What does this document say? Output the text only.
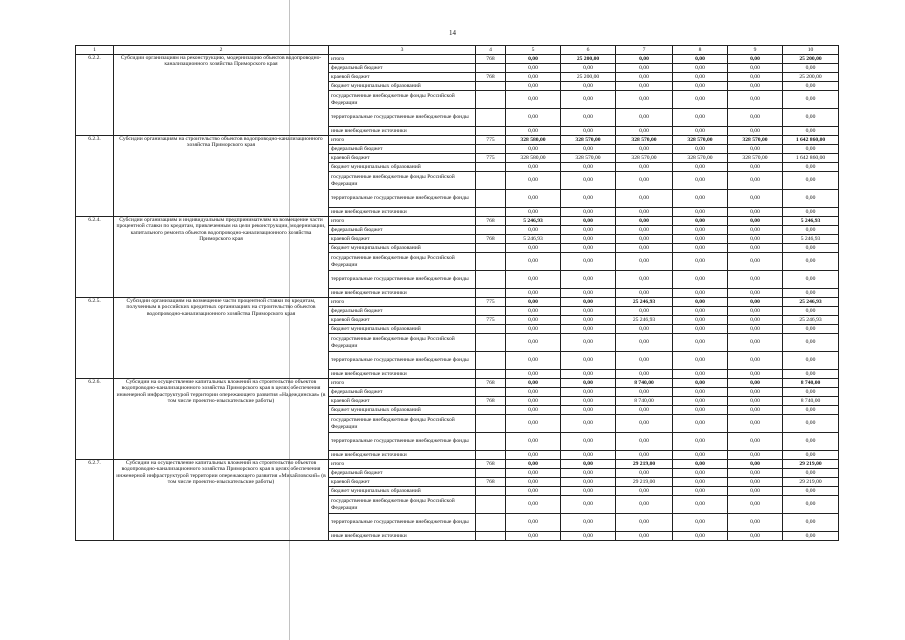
14
1	2	3	4	5	6	7	8	9	10
6.2.2.	Субсидии организациям на реконструкцию, модернизацию объектов водопроводно-канализационного хозяйства Приморского края	итого	768	0,00	25 200,00	0,00	0,00	0,00	25 200,00
		федеральный бюджет		0,00	0,00	0,00	0,00	0,00	0,00
		краевой бюджет	768	0,00	25 200,00	0,00	0,00	0,00	25 200,00
		бюджет муниципальных образований		0,00	0,00	0,00	0,00	0,00	0,00
		государственные внебюджетные фонды Российской Федерации		0,00	0,00	0,00	0,00	0,00	0,00
		территориальные государственные внебюджетные фонды		0,00	0,00	0,00	0,00	0,00	0,00
		иные внебюджетные источники		0,00	0,00	0,00	0,00	0,00	0,00
6.2.3.	Субсидии организациям на строительство объектов водопроводно-канализационного хозяйства Приморского края	итого	775	328 580,00	328 570,00	328 570,00	328 570,00	328 570,00	1 642 860,00
		федеральный бюджет		0,00	0,00	0,00	0,00	0,00	0,00
		краевой бюджет	775	328 580,00	328 570,00	328 570,00	328 570,00	328 570,00	1 642 860,00
		бюджет муниципальных образований		0,00	0,00	0,00	0,00	0,00	0,00
		государственные внебюджетные фонды Российской Федерации		0,00	0,00	0,00	0,00	0,00	0,00
		территориальные государственные внебюджетные фонды		0,00	0,00	0,00	0,00	0,00	0,00
		иные внебюджетные источники		0,00	0,00	0,00	0,00	0,00	0,00
6.2.4.	Субсидии организациям и индивидуальным предпринимателям на возмещение части процентной ставки по кредитам, привлеченным на цели реконструкции, модернизации, капитального ремонта объектов водопроводно-канализационного хозяйства Приморского края	итого	768	5 246,93	0,00	0,00	0,00	0,00	5 246,93
		федеральный бюджет		0,00	0,00	0,00	0,00	0,00	0,00
		краевой бюджет	768	5 246,93	0,00	0,00	0,00	0,00	5 246,93
		бюджет муниципальных образований		0,00	0,00	0,00	0,00	0,00	0,00
		государственные внебюджетные фонды Российской Федерации		0,00	0,00	0,00	0,00	0,00	0,00
		территориальные государственные внебюджетные фонды		0,00	0,00	0,00	0,00	0,00	0,00
		иные внебюджетные источники		0,00	0,00	0,00	0,00	0,00	0,00
6.2.5.	Субсидии организациям на возмещение части процентной ставки по кредитам, полученным в российских кредитных организациях на строительство объектов водопроводно-канализационного хозяйства Приморского края	итого	775	0,00	0,00	25 246,93	0,00	0,00	25 246,93
		федеральный бюджет		0,00	0,00	0,00	0,00	0,00	0,00
		краевой бюджет	775	0,00	0,00	25 246,93	0,00	0,00	25 246,93
		бюджет муниципальных образований		0,00	0,00	0,00	0,00	0,00	0,00
		государственные внебюджетные фонды Российской Федерации		0,00	0,00	0,00	0,00	0,00	0,00
		территориальные государственные внебюджетные фонды		0,00	0,00	0,00	0,00	0,00	0,00
		иные внебюджетные источники		0,00	0,00	0,00	0,00	0,00	0,00
6.2.6.	Субсидии на осуществление капитальных вложений на строительство объектов водопроводно-канализационного хозяйства Приморского края в целях обеспечения инженерной инфраструктурой территории опережающего развития «Надеждинская» (в том числе проектно-изыскательские работы)	итого	768	0,00	0,00	8 740,00	0,00	0,00	8 740,00
		федеральный бюджет		0,00	0,00	0,00	0,00	0,00	0,00
		краевой бюджет	768	0,00	0,00	8 740,00	0,00	0,00	8 740,00
		бюджет муниципальных образований		0,00	0,00	0,00	0,00	0,00	0,00
		государственные внебюджетные фонды Российской Федерации		0,00	0,00	0,00	0,00	0,00	0,00
		территориальные государственные внебюджетные фонды		0,00	0,00	0,00	0,00	0,00	0,00
		иные внебюджетные источники		0,00	0,00	0,00	0,00	0,00	0,00
6.2.7.	Субсидии на осуществление капитальных вложений на строительство объектов водопроводно-канализационного хозяйства Приморского края в целях обеспечения инженерной инфраструктурой территории опережающего развития «Михайловский» (в том числе проектно-изыскательские работы)	итого	768	0,00	0,00	29 219,00	0,00	0,00	29 219,00
		федеральный бюджет		0,00	0,00	0,00	0,00	0,00	0,00
		краевой бюджет	768	0,00	0,00	29 219,00	0,00	0,00	29 219,00
		бюджет муниципальных образований		0,00	0,00	0,00	0,00	0,00	0,00
		государственные внебюджетные фонды Российской Федерации		0,00	0,00	0,00	0,00	0,00	0,00
		территориальные государственные внебюджетные фонды		0,00	0,00	0,00	0,00	0,00	0,00
		иные внебюджетные источники		0,00	0,00	0,00	0,00	0,00	0,00
